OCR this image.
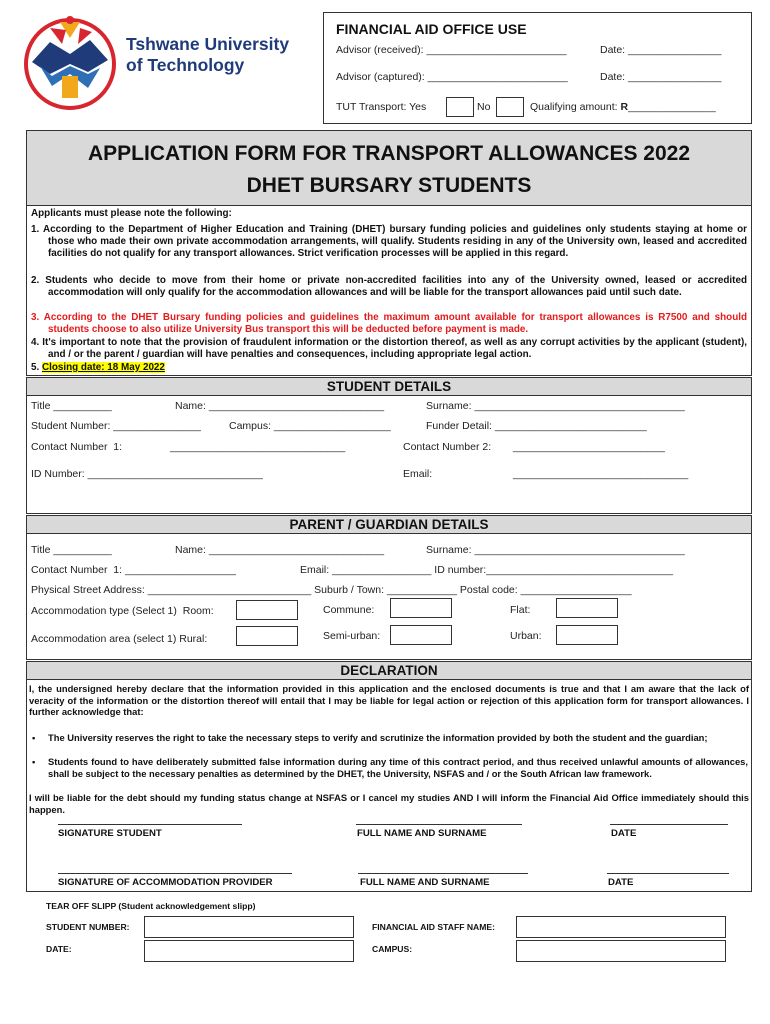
Tshwane University
of Technology
FINANCIAL AID OFFICE USE
Advisor (received): ________________________	Date: ________________
Advisor (captured): ________________________	Date: ________________
TUT Transport: Yes	No	Qualifying amount: R_______________
APPLICATION FORM FOR TRANSPORT ALLOWANCES 2022
DHET BURSARY STUDENTS
Applicants must please note the following:
1. According to the Department of Higher Education and Training (DHET) bursary funding policies and guidelines only students staying at home or those who made their own private accommodation arrangements, will qualify. Students residing in any of the University own, leased and accredited facilities do not qualify for any transport allowances. Strict verification processes will be applied in this regard.
2. Students who decide to move from their home or private non-accredited facilities into any of the University owned, leased or accredited accommodation will only qualify for the accommodation allowances and will be liable for the transport allowances paid until such date.
3. According to the DHET Bursary funding policies and guidelines the maximum amount available for transport allowances is R7500 and should students choose to also utilize University Bus transport this will be deducted before payment is made.
4. It's important to note that the provision of fraudulent information or the distortion thereof, as well as any corrupt activities by the applicant (student), and / or the parent / guardian will have penalties and consequences, including appropriate legal action.
5. Closing date: 18 May 2022
STUDENT DETAILS
Title __________	Name: ______________________________	Surname: ____________________________________
Student Number: _______________	Campus: ____________________	Funder Detail: __________________________
Contact Number  1:	______________________________	Contact Number 2: __________________________
ID Number: ______________________________	Email:	______________________________
PARENT / GUARDIAN DETAILS
Title __________	Name: ______________________________	Surname: ____________________________________
Contact Number  1: ___________________	Email: _________________ ID number:________________________________
Physical Street Address: ____________________________ Suburb / Town: ____________ Postal code: ___________________
Accommodation type (Select 1)  Room:	Commune:	Flat:
Accommodation area (select 1) Rural:	Semi-urban:	Urban:
DECLARATION
I, the undersigned hereby declare that the information provided in this application and the enclosed documents is true and that I am aware that the lack of veracity of the information or the distortion thereof will entail that I may be liable for legal action or rejection of this application form for transport allowances. I further acknowledge that:
• The University reserves the right to take the necessary steps to verify and scrutinize the information provided by both the student and the guardian;
• Students found to have deliberately submitted false information during any time of this contract period, and thus received unlawful amounts of allowances, shall be subject to the necessary penalties as determined by the DHET, the University, NSFAS and / or the South African law framework.
I will be liable for the debt should my funding status change at NSFAS or I cancel my studies AND I will inform the Financial Aid Office immediately should this happen.
SIGNATURE STUDENT	FULL NAME AND SURNAME	DATE
SIGNATURE OF ACCOMMODATION PROVIDER	FULL NAME AND SURNAME	DATE
TEAR OFF SLIPP (Student acknowledgement slipp)
STUDENT NUMBER:	FINANCIAL AID STAFF NAME:
DATE:	CAMPUS:
